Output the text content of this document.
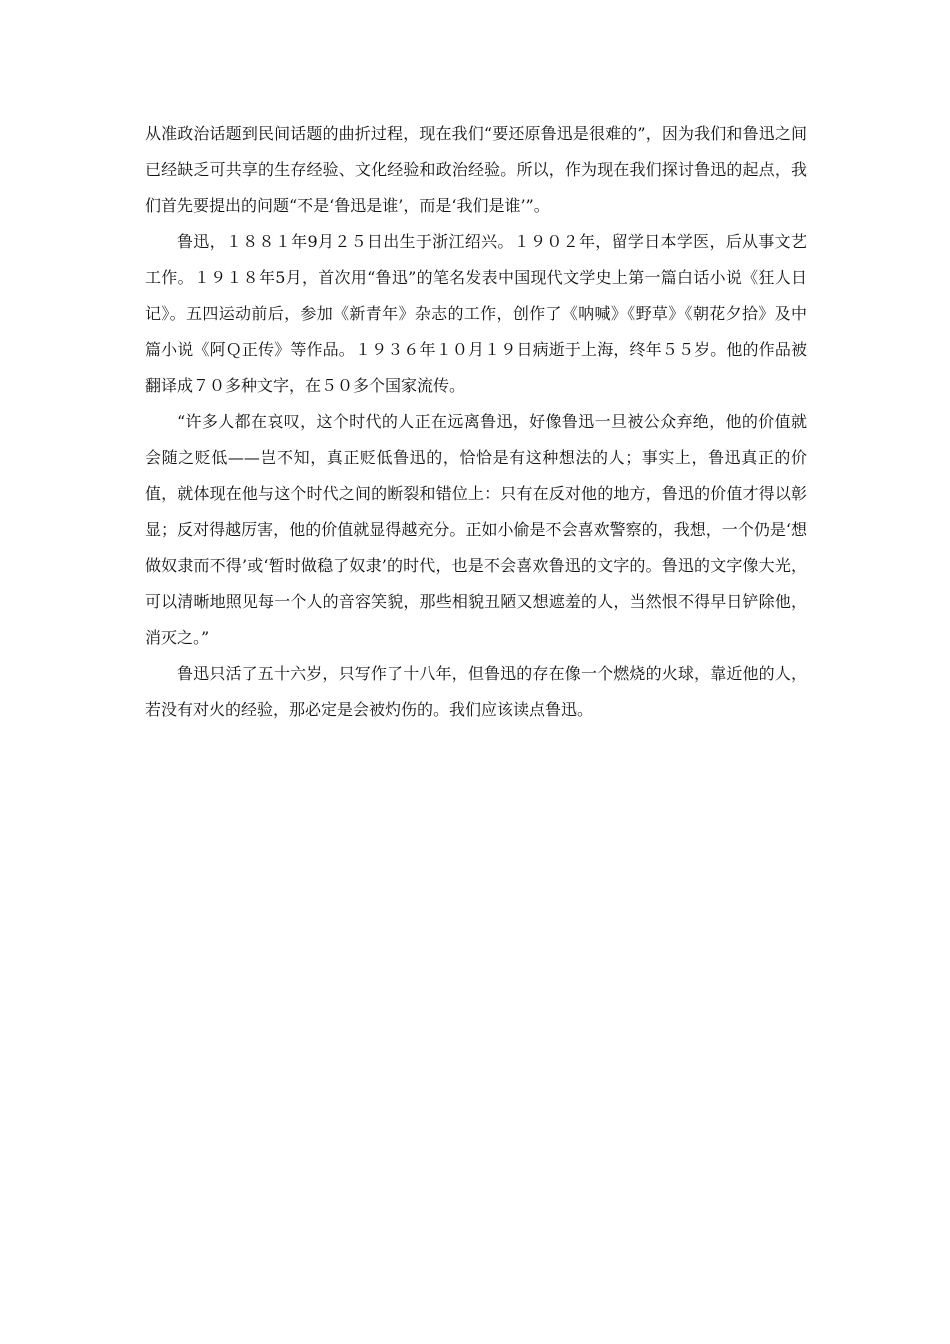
从准政治话题到民间话题的曲折过程，现在我们“要还原鲁迅是很难的”，因为我们和鲁迅之间已经缺乏可共享的生存经验、文化经验和政治经验。所以，作为现在我们探讨鲁迅的起点，我们首先要提出的问题“不是‘鲁迅是谁’，而是‘我们是谁’”。

鲁迅，１８８１年9月２５日出生于浙江绍兴。１９０２年，留学日本学医，后从事文艺工作。１９１８年5月，首次用“鲁迅”的笔名发表中国现代文学史上第一篇白话小说《狂人日记》。五四运动前后，参加《新青年》杂志的工作，创作了《呐喊》《野草》《朝花夕拾》及中篇小说《阿Ｑ正传》等作品。１９３６年１０月１９日病逝于上海，终年５５岁。他的作品被翻译成７０多种文字，在５０多个国家流传。

“许多人都在哀叹，这个时代的人正在远离鲁迅，好像鲁迅一旦被公众弃绝，他的价值就会随之贬低——岂不知，真正贬低鲁迅的，恰恰是有这种想法的人；事实上，鲁迅真正的价值，就体现在他与这个时代之间的断裂和错位上：只有在反对他的地方，鲁迅的价值才得以彰显；反对得越厉害，他的价值就显得越充分。正如小偷是不会喜欢警察的，我想，一个仍是‘想做奴隶而不得’或‘暂时做稳了奴隶’的时代，也是不会喜欢鲁迅的文字的。鲁迅的文字像大光，可以清晰地照见每一个人的音容笑貌，那些相貌丑陋又想遮羞的人，当然恨不得早日铲除他，消灭之。”

鲁迅只活了五十六岁，只写作了十八年，但鲁迅的存在像一个燃烧的火球，靠近他的人，若没有对火的经验，那必定是会被灼伤的。我们应该读点鲁迅。
